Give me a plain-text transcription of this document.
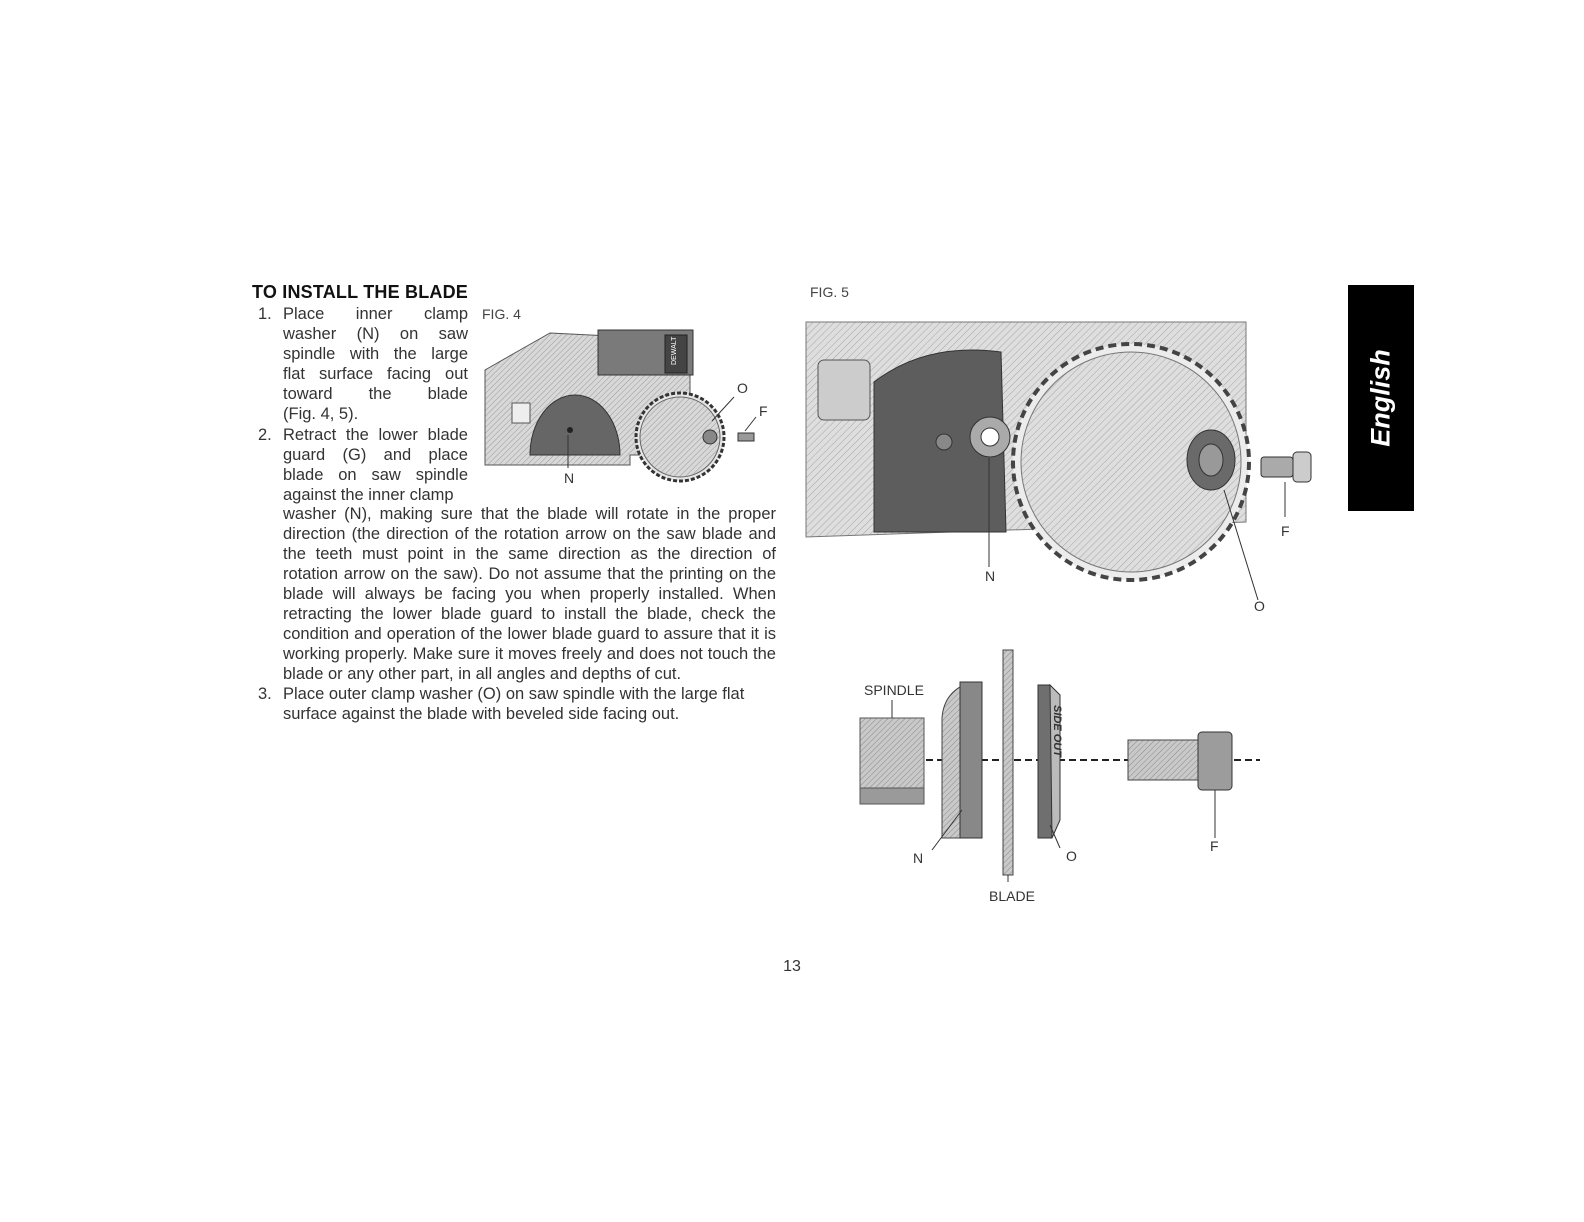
TO INSTALL THE BLADE
1. Place inner clamp
washer (N) on saw
spindle with the large
flat surface facing out
toward the blade
(Fig. 4, 5).
2. Retract the lower blade
guard (G) and place
blade on saw spindle
against the inner clamp
washer (N), making sure that the blade will rotate in the proper direction (the direction of the rotation arrow on the saw blade and the teeth must point in the same direction as the direction of rotation arrow on the saw). Do not assume that the printing on the blade will always be facing you when properly installed. When retracting the lower blade guard to install the blade, check the condition and operation of the lower blade guard to assure that it is working properly. Make sure it moves freely and does not touch the blade or any other part, in all angles and depths of cut.
3. Place outer clamp washer (O) on saw spindle with the large flat surface against the blade with beveled side facing out.
FIG. 4
DEWALT
O
F
N
FIG. 5
F
N
O
SIDE OUT
SPINDLE
N	O
F
BLADE
English
13
